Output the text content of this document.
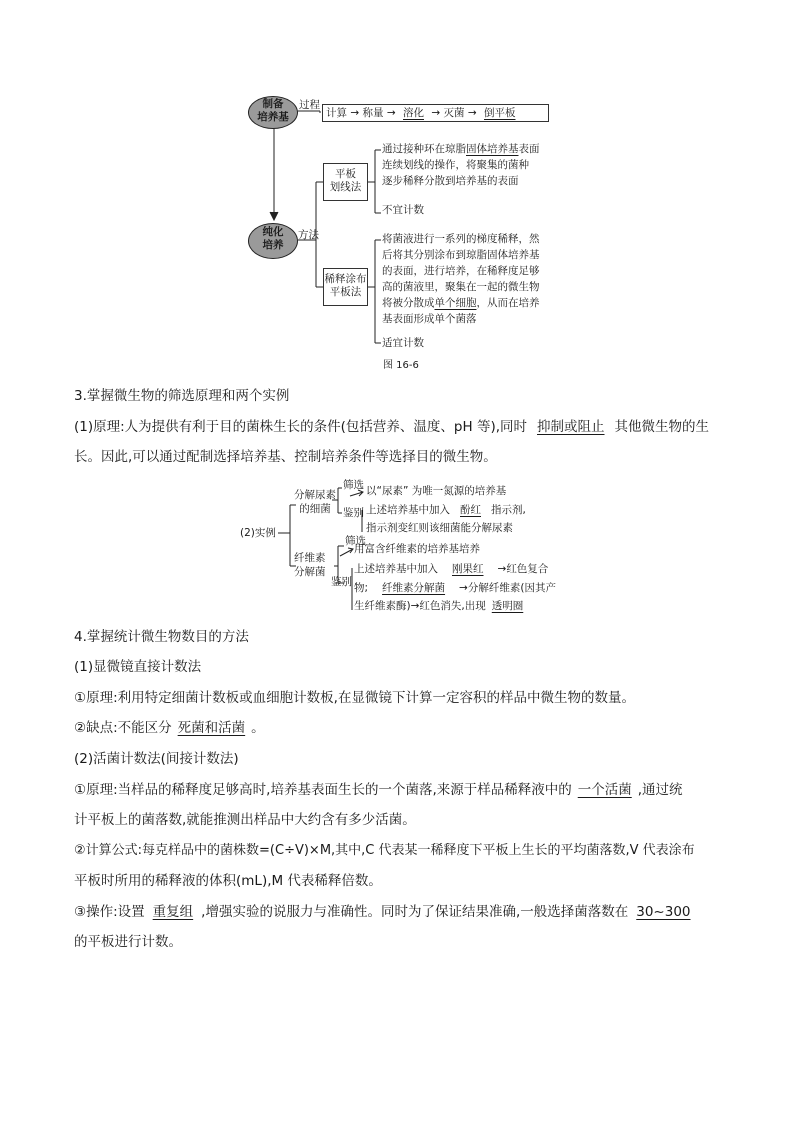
制备
培养基
过程
计算 → 称量 → 溶化 → 灭菌 → 倒平板
纯化
培养
方法
平板
划线法
通过接种环在琼脂固体培养基表面
连续划线的操作，将聚集的菌种
逐步稀释分散到培养基的表面
不宜计数
稀释涂布
平板法
将菌液进行一系列的梯度稀释，然
后将其分别涂布到琼脂固体培养基
的表面，进行培养，在稀释度足够
高的菌液里，聚集在一起的微生物
将被分散成单个细胞，从而在培养
基表面形成单个菌落
适宜计数
图 16-6
3.掌握微生物的筛选原理和两个实例
(1)原理:人为提供有利于目的菌株生长的条件(包括营养、温度、pH 等),同时 抑制或阻止 其他微生物的生
长。因此,可以通过配制选择培养基、控制培养条件等选择目的微生物。
(2)实例
分解尿素
的细菌
筛选 以“尿素” 为唯一氮源的培养基
鉴别 上述培养基中加入 酚红 指示剂,
指示剂变红则该细菌能分解尿素
纤维素
分解菌
筛选
用富含纤维素的培养基培养
鉴别
上述培养基中加入 刚果红 →红色复合
物; 纤维素分解菌 →分解纤维素(因其产
生纤维素酶)→红色消失,出现 透明圈
4.掌握统计微生物数目的方法
(1)显微镜直接计数法
①原理:利用特定细菌计数板或血细胞计数板,在显微镜下计算一定容积的样品中微生物的数量。
②缺点:不能区分 死菌和活菌 。
(2)活菌计数法(间接计数法)
①原理:当样品的稀释度足够高时,培养基表面生长的一个菌落,来源于样品稀释液中的 一个活菌 ,通过统
计平板上的菌落数,就能推测出样品中大约含有多少活菌。
②计算公式:每克样品中的菌株数=(C÷V)×M,其中,C 代表某一稀释度下平板上生长的平均菌落数,V 代表涂布
平板时所用的稀释液的体积(mL),M 代表稀释倍数。
③操作:设置 重复组 ,增强实验的说服力与准确性。同时为了保证结果准确,一般选择菌落数在 30~300
的平板进行计数。
